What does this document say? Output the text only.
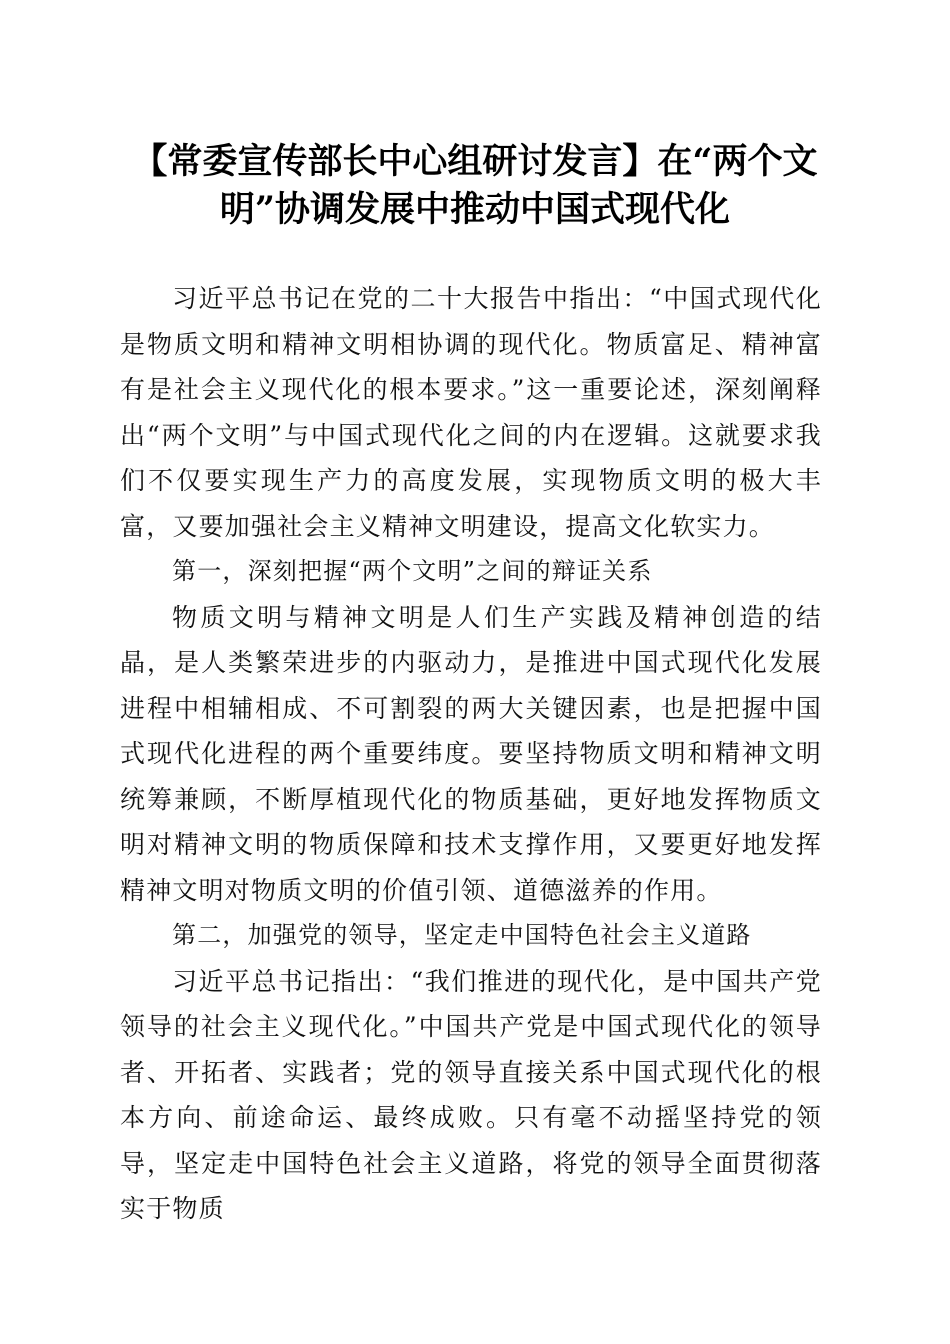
【常委宣传部长中心组研讨发言】在“两个文明”协调发展中推动中国式现代化

习近平总书记在党的二十大报告中指出：“中国式现代化是物质文明和精神文明相协调的现代化。物质富足、精神富有是社会主义现代化的根本要求。”这一重要论述，深刻阐释出“两个文明”与中国式现代化之间的内在逻辑。这就要求我们不仅要实现生产力的高度发展，实现物质文明的极大丰富，又要加强社会主义精神文明建设，提高文化软实力。

第一，深刻把握“两个文明”之间的辩证关系

物质文明与精神文明是人们生产实践及精神创造的结晶，是人类繁荣进步的内驱动力，是推进中国式现代化发展进程中相辅相成、不可割裂的两大关键因素，也是把握中国式现代化进程的两个重要纬度。要坚持物质文明和精神文明统筹兼顾，不断厚植现代化的物质基础，更好地发挥物质文明对精神文明的物质保障和技术支撑作用，又要更好地发挥精神文明对物质文明的价值引领、道德滋养的作用。

第二，加强党的领导，坚定走中国特色社会主义道路

习近平总书记指出：“我们推进的现代化，是中国共产党领导的社会主义现代化。”中国共产党是中国式现代化的领导者、开拓者、实践者；党的领导直接关系中国式现代化的根本方向、前途命运、最终成败。只有毫不动摇坚持党的领导，坚定走中国特色社会主义道路，将党的领导全面贯彻落实于物质
